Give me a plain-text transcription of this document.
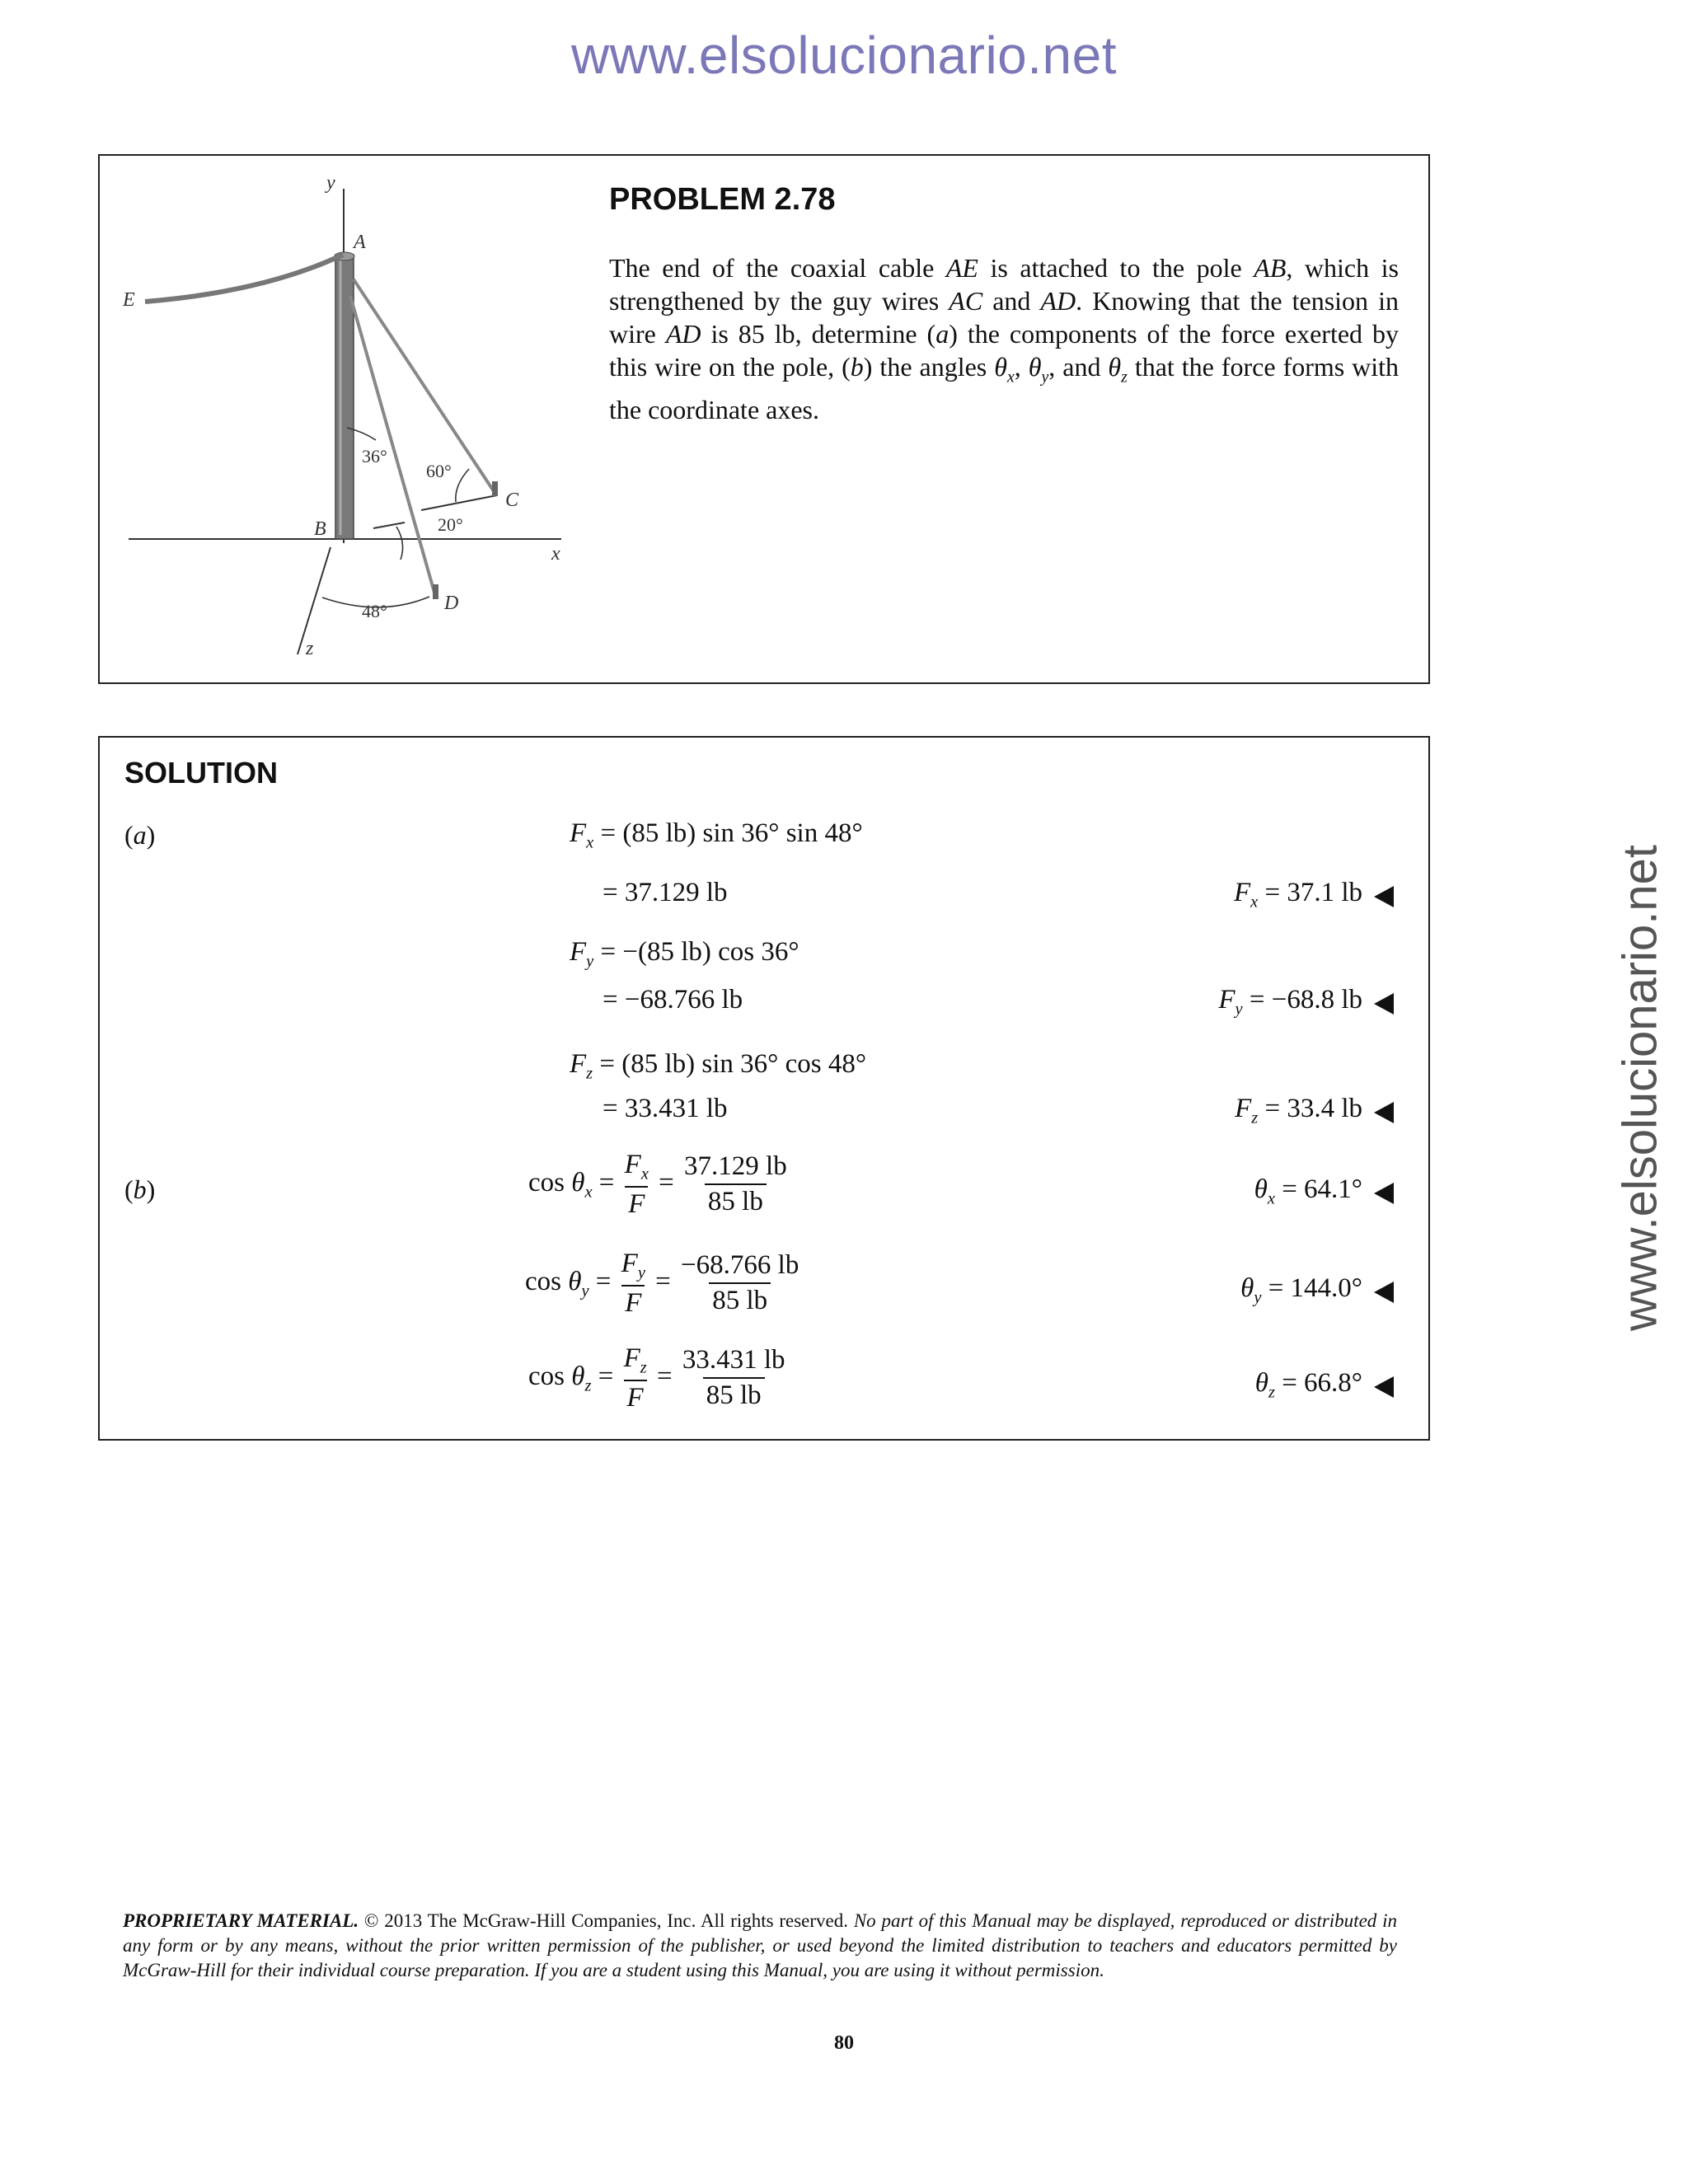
www.elsolucionario.net
www.elsolucionario.net
y
A
E
B
C
D
x
z
36°
60°
20°
48°
PROBLEM 2.78
The end of the coaxial cable AE is attached to the pole AB, which is strengthened by the guy wires AC and AD. Knowing that the tension in wire AD is 85 lb, determine (a) the components of the force exerted by this wire on the pole, (b) the angles $\theta_x$, $\theta_y$, and $\theta_z$ that the force forms with the coordinate axes.
SOLUTION
(a)
(b)
$F_x = (85$ lb) sin 36° sin 48°
= 37.129 lb	$F_x = 37.1$ lb
$F_y = -(85$ lb) cos 36°
= −68.766 lb	$F_y = -68.8$ lb
$F_z = (85$ lb) sin 36° cos 48°
= 33.431 lb	$F_z = 33.4$ lb
$\cos \theta_x = \frac{F_x}{F} = \frac{37.129 lb}{85 lb}$	$\theta_x = 64.1^\circ$
$\cos \theta_y = \frac{F_y}{F} = \frac{-68.766 lb}{85 lb}$	$\theta_y = 144.0^\circ$
$\cos \theta_z = \frac{F_z}{F} = \frac{33.431 lb}{85 lb}$	$\theta_z = 66.8^\circ$
PROPRIETARY MATERIAL. © 2013 The McGraw-Hill Companies, Inc. All rights reserved. No part of this Manual may be displayed, reproduced or distributed in any form or by any means, without the prior written permission of the publisher, or used beyond the limited distribution to teachers and educators permitted by McGraw-Hill for their individual course preparation. If you are a student using this Manual, you are using it without permission.
80
